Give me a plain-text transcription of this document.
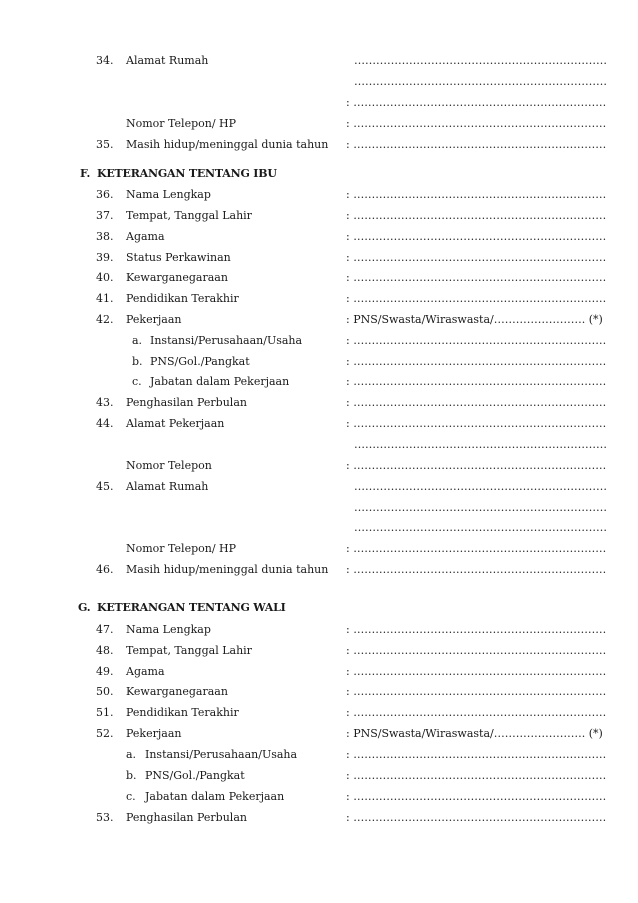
34. Alamat Rumah	……………………………………………………………
……………………………………………………………
: ……………………………………………………………
Nomor Telepon/ HP	: ……………………………………………………………
35. Masih hidup/meninggal dunia tahun : ……………………………………………………………
F. KETERANGAN TENTANG IBU
36. Nama Lengkap	: ……………………………………………………………
37. Tempat, Tanggal Lahir	: ……………………………………………………………
38. Agama	: ……………………………………………………………
39. Status Perkawinan	: ……………………………………………………………
40. Kewarganegaraan	: ……………………………………………………………
41. Pendidikan Terakhir	: ……………………………………………………………
42. Pekerjaan	: PNS/Swasta/Wiraswasta/……………………. (*)
a. Instansi/Perusahaan/Usaha	: ……………………………………………………………
b. PNS/Gol./Pangkat	: ……………………………………………………………
c. Jabatan dalam Pekerjaan	: ……………………………………………………………
43. Penghasilan Perbulan	: ……………………………………………………………
44. Alamat Pekerjaan	: ……………………………………………………………
……………………………………………………………
Nomor Telepon	: ……………………………………………………………
45. Alamat Rumah	……………………………………………………………
……………………………………………………………
……………………………………………………………
Nomor Telepon/ HP	: ……………………………………………………………
46. Masih hidup/meninggal dunia tahun : ……………………………………………………………
G. KETERANGAN TENTANG WALI
47. Nama Lengkap	: ……………………………………………………………
48. Tempat, Tanggal Lahir	: ……………………………………………………………
49. Agama	: ……………………………………………………………
50. Kewarganegaraan	: ……………………………………………………………
51. Pendidikan Terakhir	: ……………………………………………………………
52. Pekerjaan	: PNS/Swasta/Wiraswasta/……………………. (*)
a. Instansi/Perusahaan/Usaha	: ……………………………………………………………
b. PNS/Gol./Pangkat	: ……………………………………………………………
c. Jabatan dalam Pekerjaan	: ……………………………………………………………
53. Penghasilan Perbulan	: ……………………………………………………………
